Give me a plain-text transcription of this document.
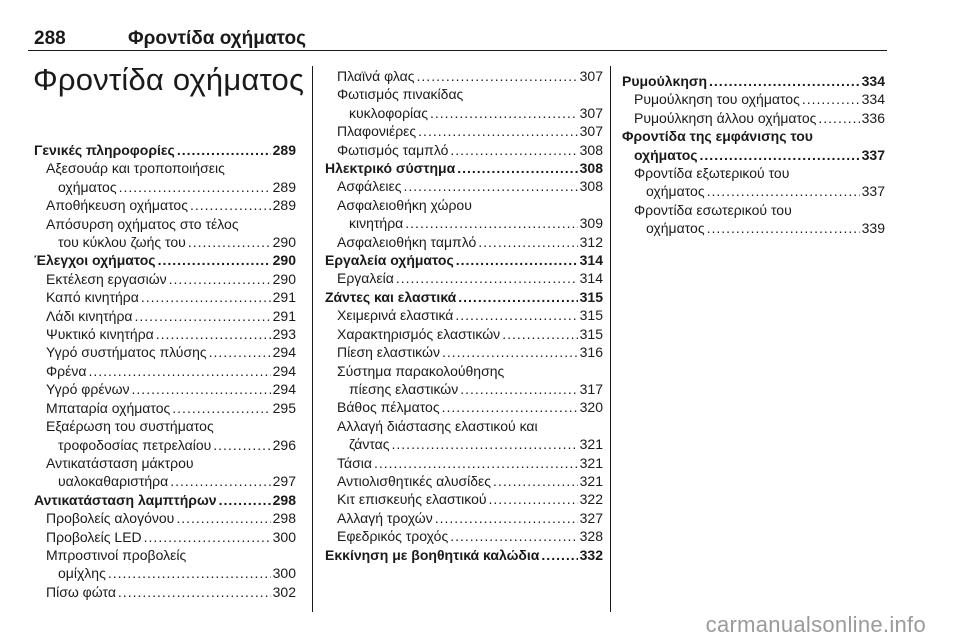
288	Φροντίδα οχήματος
Φροντίδα οχήματος
Γενικές πληροφορίες .....	289
Αξεσουάρ και τροποποιήσεις
οχήματος .....	289
Αποθήκευση οχήματος .....	289
Απόσυρση οχήματος στο τέλος
του κύκλου ζωής του .....	290
Έλεγχοι οχήματος .....	290
Εκτέλεση εργασιών .....	290
Καπό κινητήρα .....	291
Λάδι κινητήρα .....	291
Ψυκτικό κινητήρα .....	293
Υγρό συστήματος πλύσης .....	294
Φρένα .....	294
Υγρό φρένων .....	294
Μπαταρία οχήματος .....	295
Εξαέρωση του συστήματος
τροφοδοσίας πετρελαίου .....	296
Αντικατάσταση μάκτρου
υαλοκαθαριστήρα .....	297
Αντικατάσταση λαμπτήρων .....	298
Προβολείς αλογόνου .....	298
Προβολείς LED .....	300
Μπροστινοί προβολείς
ομίχλης .....	300
Πίσω φώτα .....	302
Πλαϊνά φλας .....	307
Φωτισμός πινακίδας
κυκλοφορίας .....	307
Πλαφονιέρες .....	307
Φωτισμός ταμπλό .....	308
Ηλεκτρικό σύστημα .....	308
Ασφάλειες .....	308
Ασφαλειοθήκη χώρου
κινητήρα .....	309
Ασφαλειοθήκη ταμπλό .....	312
Εργαλεία οχήματος .....	314
Εργαλεία .....	314
Ζάντες και ελαστικά .....	315
Χειμερινά ελαστικά .....	315
Χαρακτηρισμός ελαστικών .....	315
Πίεση ελαστικών .....	316
Σύστημα παρακολούθησης
πίεσης ελαστικών .....	317
Βάθος πέλματος .....	320
Αλλαγή διάστασης ελαστικού και
ζάντας .....	321
Τάσια .....	321
Αντιολισθητικές αλυσίδες .....	321
Κιτ επισκευής ελαστικού .....	322
Αλλαγή τροχών .....	327
Εφεδρικός τροχός .....	328
Εκκίνηση με βοηθητικά καλώδια .....	332
Ρυμούλκηση .....	334
Ρυμούλκηση του οχήματος .....	334
Ρυμούλκηση άλλου οχήματος .....	336
Φροντίδα της εμφάνισης του
οχήματος .....	337
Φροντίδα εξωτερικού του
οχήματος .....	337
Φροντίδα εσωτερικού του
οχήματος .....	339
carmanualsonline.info
